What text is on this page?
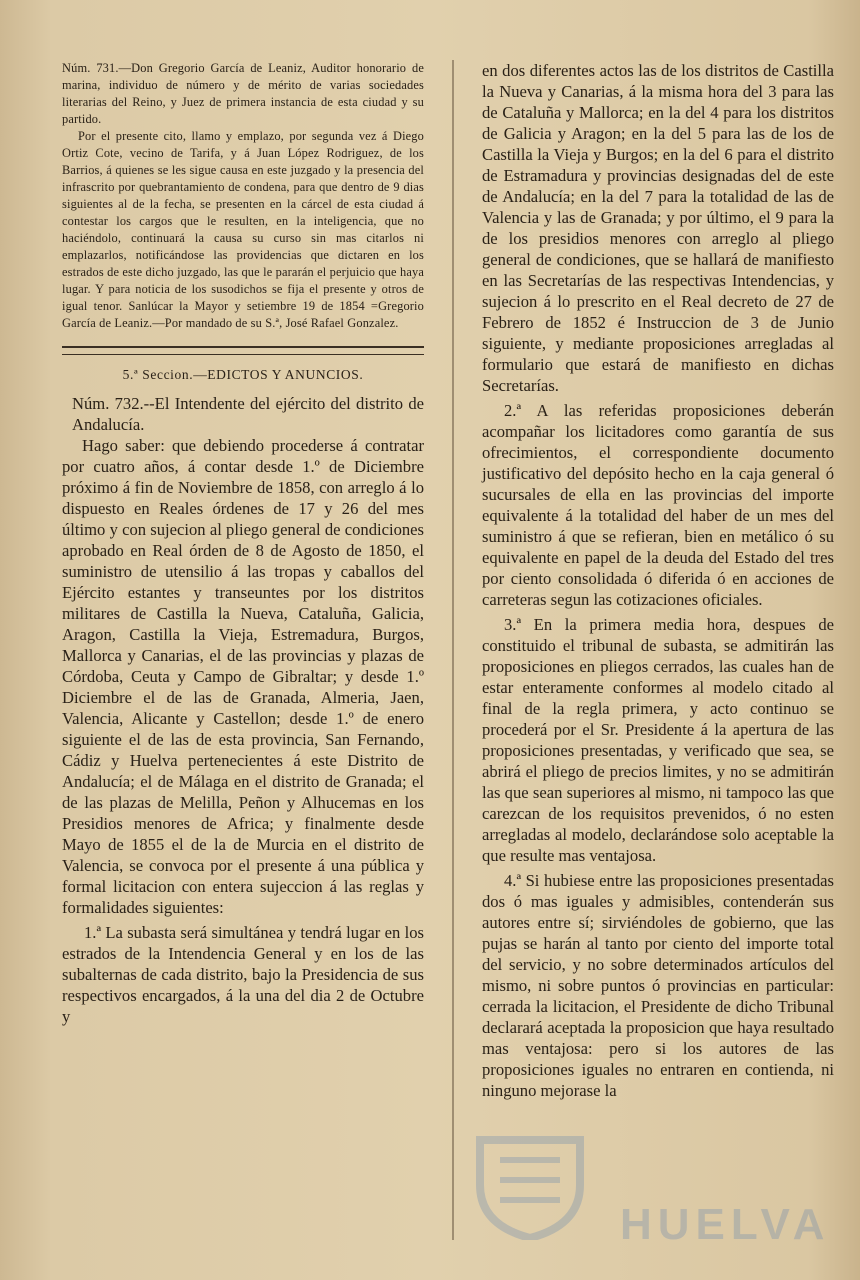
Núm. 731.—Don Gregorio García de Leaniz, Auditor honorario de marina, individuo de número y de mérito de varias sociedades literarias del Reino, y Juez de primera instancia de esta ciudad y su partido.

Por el presente cito, llamo y emplazo, por segunda vez á Diego Ortiz Cote, vecino de Tarifa, y á Juan López Rodriguez, de los Barrios, á quienes se les sigue causa en este juzgado y la presencia del infrascrito por quebrantamiento de condena, para que dentro de 9 dias siguientes al de la fecha, se presenten en la cárcel de esta ciudad á contestar los cargos que le resulten, en la inteligencia, que no haciéndolo, continuará la causa su curso sin mas citarlos ni emplazarlos, notificándose las providencias que dictaren en los estrados de este dicho juzgado, las que le pararán el perjuicio que haya lugar. Y para noticia de los susodichos se fija el presente y otros de igual tenor. Sanlúcar la Mayor y setiembre 19 de 1854 =Gregorio García de Leaniz.—Por mandado de su S.ª, José Rafael Gonzalez.

5.ª Seccion.—EDICTOS Y ANUNCIOS.

Núm. 732.--El Intendente del ejército del distrito de Andalucía.

Hago saber: que debiendo procederse á contratar por cuatro años, á contar desde 1.º de Diciembre próximo á fin de Noviembre de 1858, con arreglo á lo dispuesto en Reales órdenes de 17 y 26 del mes último y con sujecion al pliego general de condiciones aprobado en Real órden de 8 de Agosto de 1850, el suministro de utensilio á las tropas y caballos del Ejército estantes y transeuntes por los distritos militares de Castilla la Nueva, Cataluña, Galicia, Aragon, Castilla la Vieja, Estremadura, Burgos, Mallorca y Canarias, el de las provincias y plazas de Córdoba, Ceuta y Campo de Gibraltar; y desde 1.º Diciembre el de las de Granada, Almeria, Jaen, Valencia, Alicante y Castellon; desde 1.º de enero siguiente el de las de esta provincia, San Fernando, Cádiz y Huelva pertenecientes á este Distrito de Andalucía; el de Málaga en el distrito de Granada; el de las plazas de Melilla, Peñon y Alhucemas en los Presidios menores de Africa; y finalmente desde Mayo de 1855 el de la de Murcia en el distrito de Valencia, se convoca por el presente á una pública y formal licitacion con entera sujeccion á las reglas y formalidades siguientes:

1.ª La subasta será simultánea y tendrá lugar en los estrados de la Intendencia General y en los de las subalternas de cada distrito, bajo la Presidencia de sus respectivos encargados, á la una del dia 2 de Octubre y

en dos diferentes actos las de los distritos de Castilla la Nueva y Canarias, á la misma hora del 3 para las de Cataluña y Mallorca; en la del 4 para los distritos de Galicia y Aragon; en la del 5 para las de los de Castilla la Vieja y Burgos; en la del 6 para el distrito de Estramadura y provincias designadas del de este de Andalucía; en la del 7 para la totalidad de las de Valencia y las de Granada; y por último, el 9 para la de los presidios menores con arreglo al pliego general de condiciones, que se hallará de manifiesto en las Secretarías de las respectivas Intendencias, y sujecion á lo prescrito en el Real decreto de 27 de Febrero de 1852 é Instruccion de 3 de Junio siguiente, y mediante proposiciones arregladas al formulario que estará de manifiesto en dichas Secretarías.

2.ª A las referidas proposiciones deberán acompañar los licitadores como garantía de sus ofrecimientos, el correspondiente documento justificativo del depósito hecho en la caja general ó sucursales de ella en las provincias del importe equivalente á la totalidad del haber de un mes del suministro á que se refieran, bien en metálico ó su equivalente en papel de la deuda del Estado del tres por ciento consolidada ó diferida ó en acciones de carreteras segun las cotizaciones oficiales.

3.ª En la primera media hora, despues de constituido el tribunal de subasta, se admitirán las proposiciones en pliegos cerrados, las cuales han de estar enteramente conformes al modelo citado al final de la regla primera, y acto continuo se procederá por el Sr. Presidente á la apertura de las proposiciones presentadas, y verificado que sea, se abrirá el pliego de precios limites, y no se admitirán las que sean superiores al mismo, ni tampoco las que carezcan de los requisitos prevenidos, ó no esten arregladas al modelo, declarándose solo aceptable la que resulte mas ventajosa.

4.ª Si hubiese entre las proposiciones presentadas dos ó mas iguales y admisibles, contenderán sus autores entre sí; sirviéndoles de gobierno, que las pujas se harán al tanto por ciento del importe total del servicio, y no sobre determinados artículos del mismo, ni sobre puntos ó provincias en particular: cerrada la licitacion, el Presidente de dicho Tribunal declarará aceptada la proposicion que haya resultado mas ventajosa: pero si los autores de las proposiciones iguales no entraren en contienda, ni ninguno mejorase la

HUELVA
